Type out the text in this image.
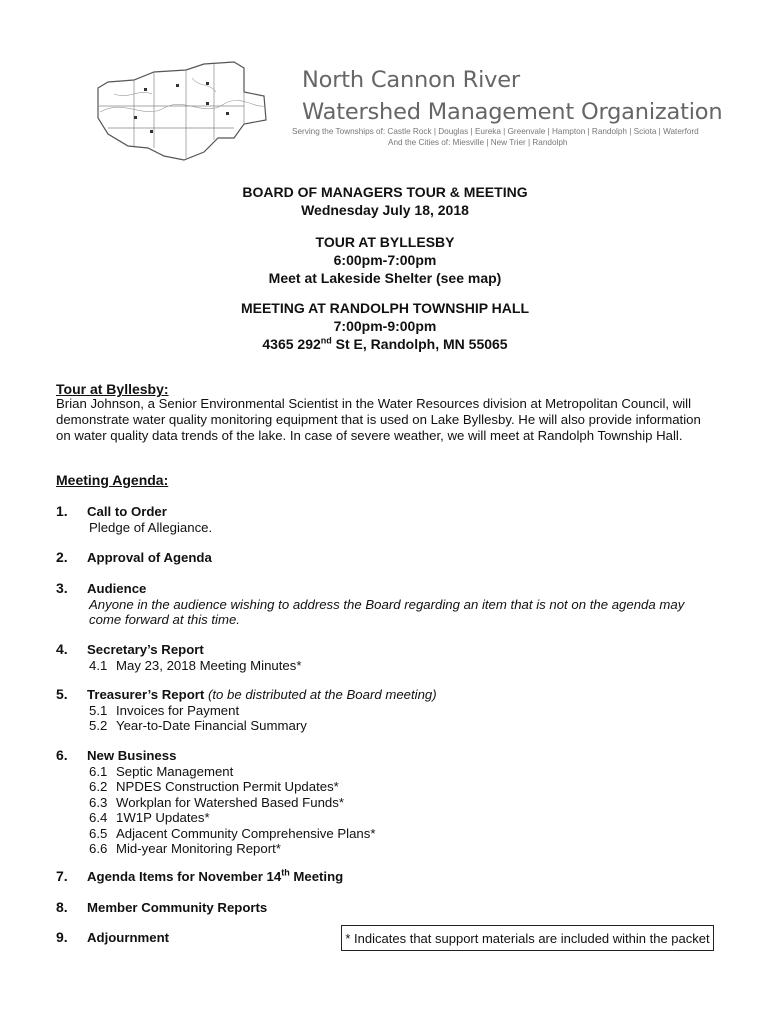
North Cannon River
Watershed Management Organization
Serving the Townships of: Castle Rock | Douglas | Eureka | Greenvale | Hampton | Randolph | Sciota | Waterford
And the Cities of: Miesville | New Trier | Randolph
BOARD OF MANAGERS TOUR & MEETING
Wednesday July 18, 2018
TOUR AT BYLLESBY
6:00pm-7:00pm
Meet at Lakeside Shelter (see map)
MEETING AT RANDOLPH TOWNSHIP HALL
7:00pm-9:00pm
4365 292nd St E, Randolph, MN 55065
Tour at Byllesby:
Brian Johnson, a Senior Environmental Scientist in the Water Resources division at Metropolitan Council, will
demonstrate water quality monitoring equipment that is used on Lake Byllesby. He will also provide information
on water quality data trends of the lake. In case of severe weather, we will meet at Randolph Township Hall.
Meeting Agenda:
1. Call to Order
Pledge of Allegiance.
2. Approval of Agenda
3. Audience
Anyone in the audience wishing to address the Board regarding an item that is not on the agenda may
come forward at this time.
4. Secretary’s Report
4.1 May 23, 2018 Meeting Minutes*
5. Treasurer’s Report (to be distributed at the Board meeting)
5.1 Invoices for Payment
5.2 Year-to-Date Financial Summary
6. New Business
6.1 Septic Management
6.2 NPDES Construction Permit Updates*
6.3 Workplan for Watershed Based Funds*
6.4 1W1P Updates*
6.5 Adjacent Community Comprehensive Plans*
6.6 Mid-year Monitoring Report*
7. Agenda Items for November 14th Meeting
8. Member Community Reports
9. Adjournment	* Indicates that support materials are included within the packet
